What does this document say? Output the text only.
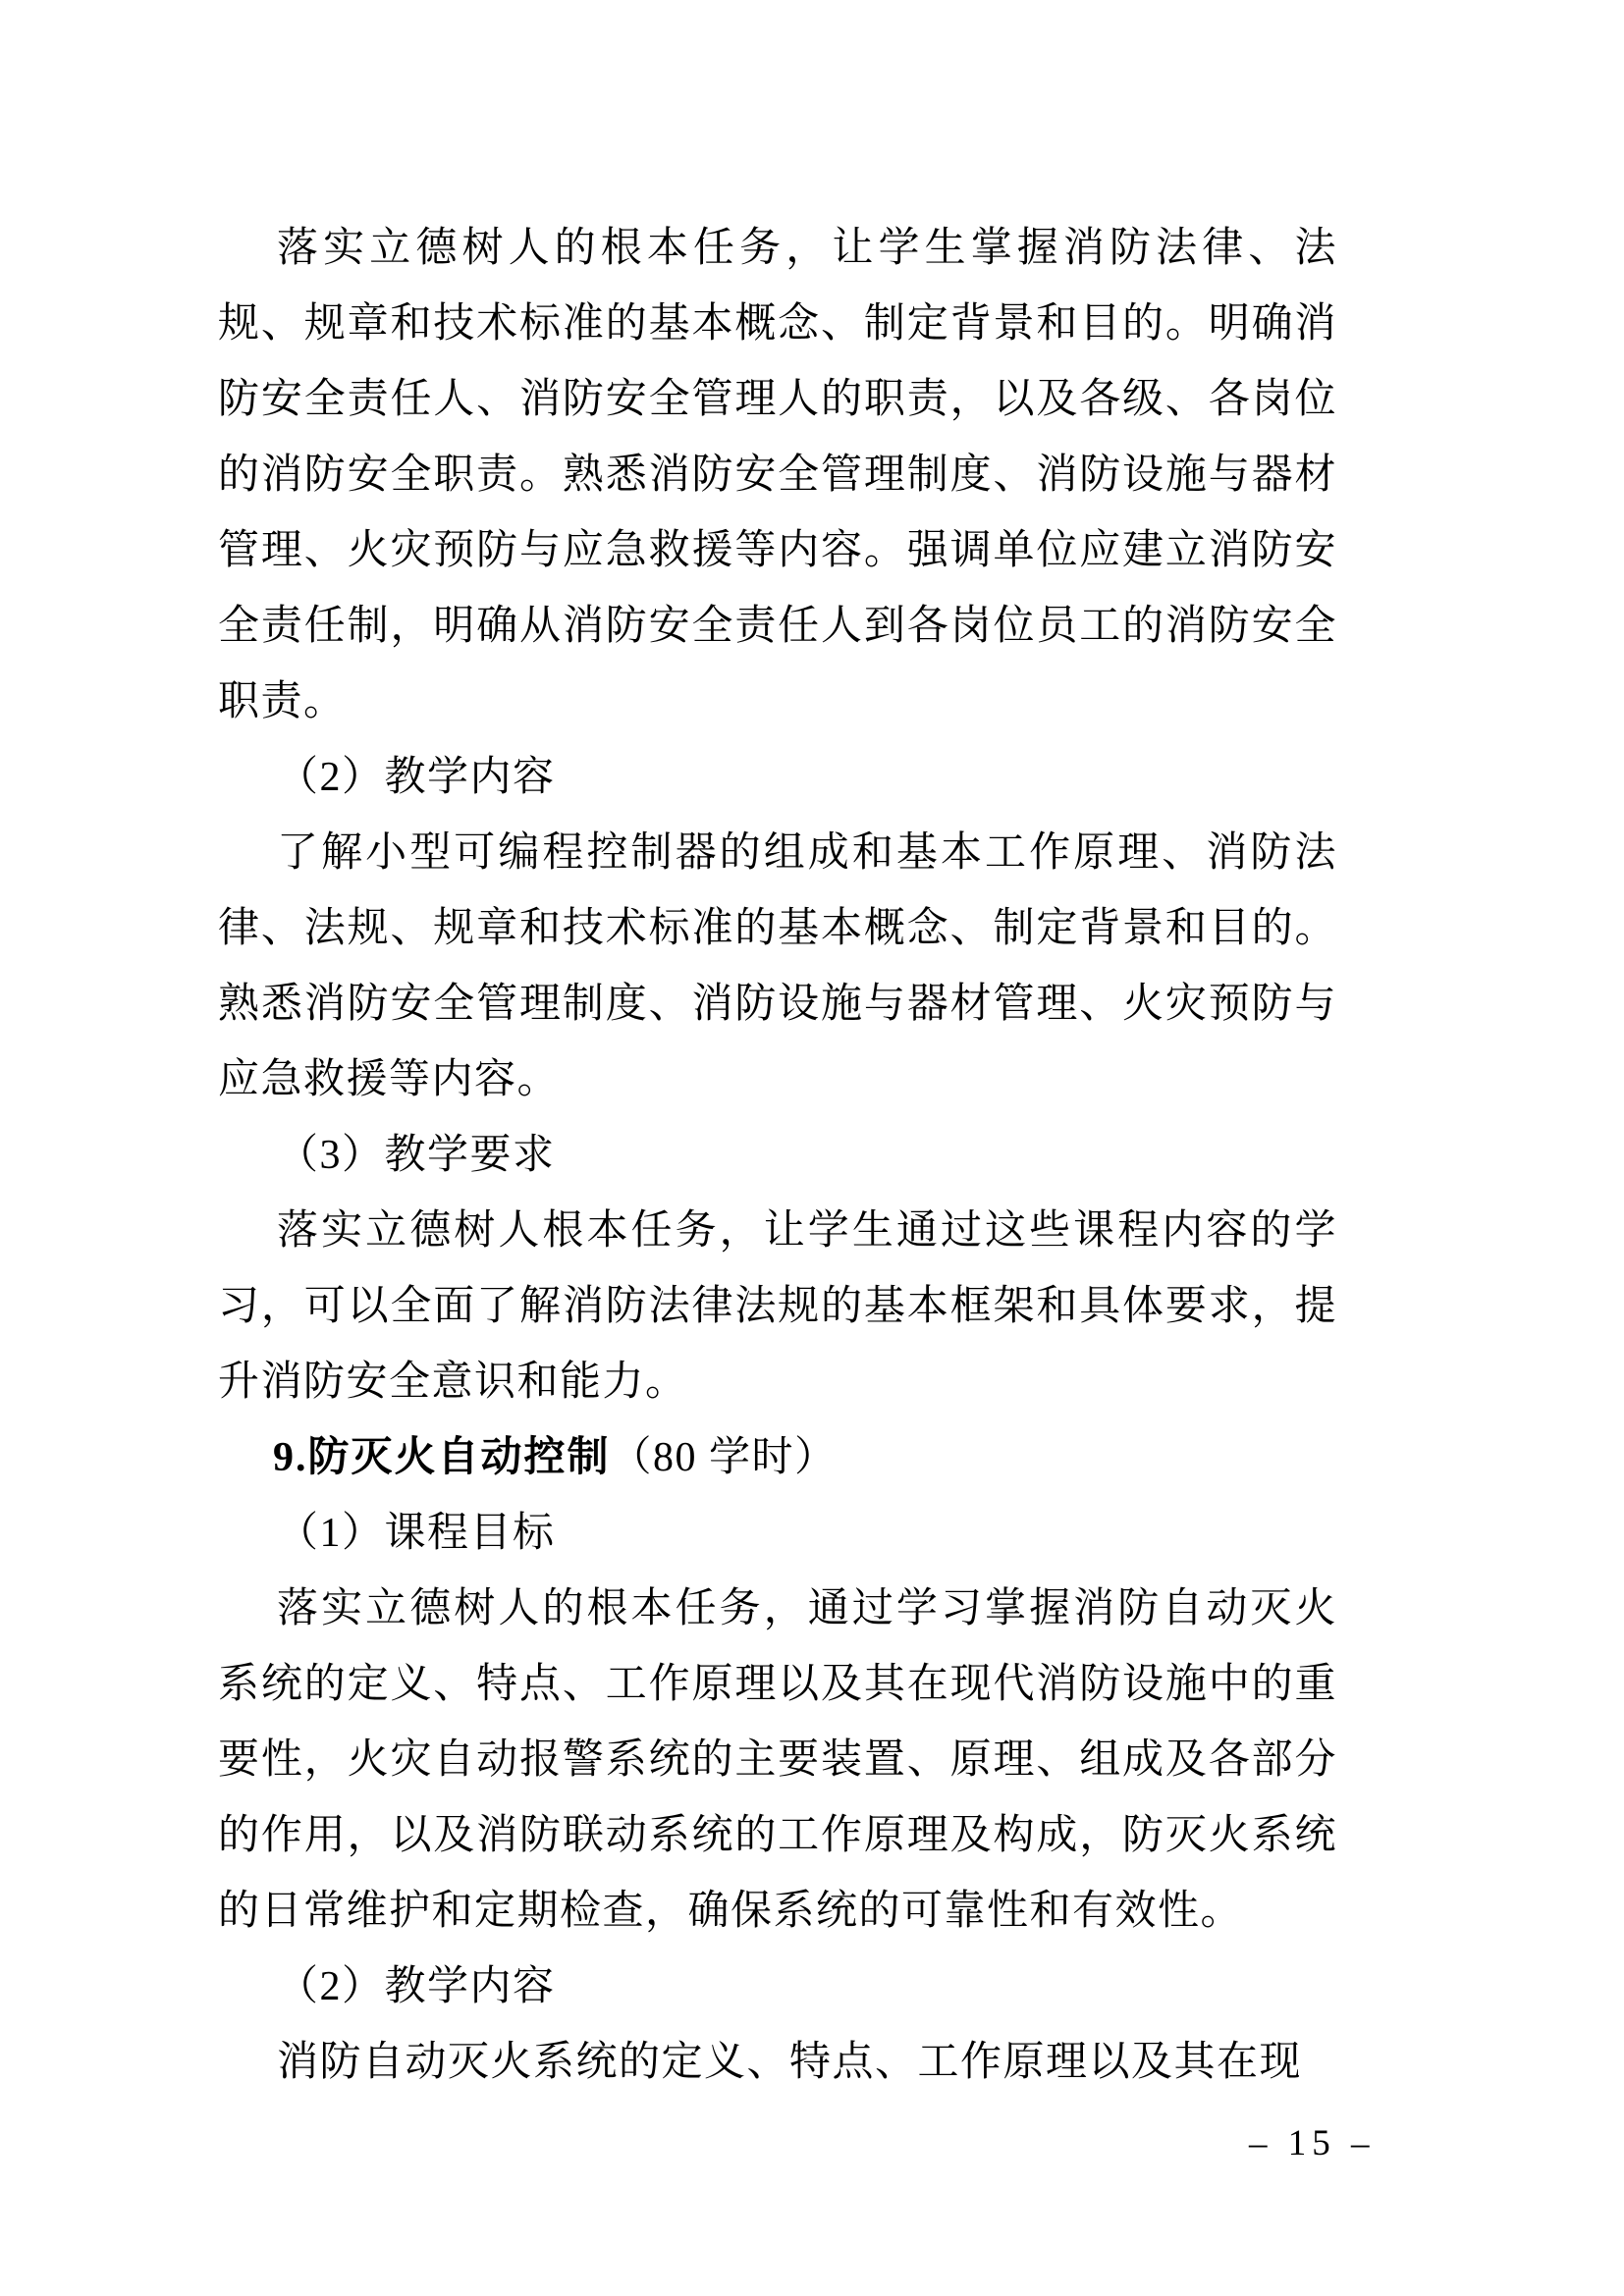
落实立德树人的根本任务，让学生掌握消防法律、法规、规章和技术标准的基本概念、制定背景和目的。明确消防安全责任人、消防安全管理人的职责，以及各级、各岗位的消防安全职责。熟悉消防安全管理制度、消防设施与器材管理、火灾预防与应急救援等内容。强调单位应建立消防安全责任制，明确从消防安全责任人到各岗位员工的消防安全职责。

（2）教学内容

了解小型可编程控制器的组成和基本工作原理、消防法律、法规、规章和技术标准的基本概念、制定背景和目的。熟悉消防安全管理制度、消防设施与器材管理、火灾预防与应急救援等内容。

（3）教学要求

落实立德树人根本任务，让学生通过这些课程内容的学习，可以全面了解消防法律法规的基本框架和具体要求，提升消防安全意识和能力。

9.防灭火自动控制（80 学时）

（1）课程目标

落实立德树人的根本任务，通过学习掌握消防自动灭火系统的定义、特点、工作原理以及其在现代消防设施中的重要性，火灾自动报警系统的主要装置、原理、组成及各部分的作用，以及消防联动系统的工作原理及构成，防灭火系统的日常维护和定期检查，确保系统的可靠性和有效性。

（2）教学内容

消防自动灭火系统的定义、特点、工作原理以及其在现

– 15 –
